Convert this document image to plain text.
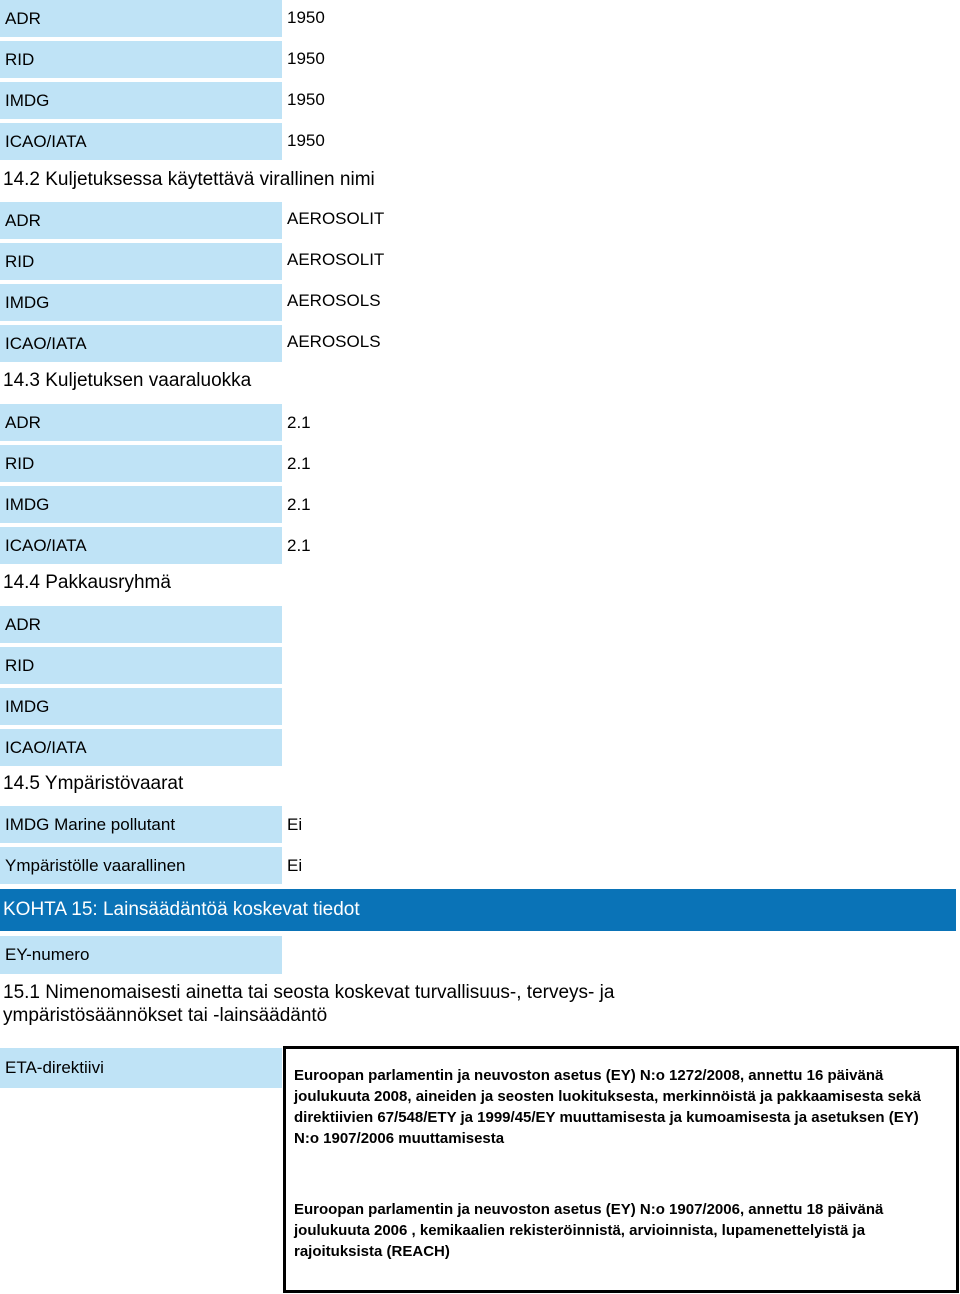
ADR	1950
RID	1950
IMDG	1950
ICAO/IATA	1950
14.2 Kuljetuksessa käytettävä virallinen nimi
ADR	AEROSOLIT
RID	AEROSOLIT
IMDG	AEROSOLS
ICAO/IATA	AEROSOLS
14.3 Kuljetuksen vaaraluokka
ADR	2.1
RID	2.1
IMDG	2.1
ICAO/IATA	2.1
14.4 Pakkausryhmä
ADR
RID
IMDG
ICAO/IATA
14.5 Ympäristövaarat
IMDG Marine pollutant	Ei
Ympäristölle vaarallinen	Ei
KOHTA 15: Lainsäädäntöä koskevat tiedot
EY-numero
15.1 Nimenomaisesti ainetta tai seosta koskevat turvallisuus-, terveys- ja
ympäristösäännökset tai -lainsäädäntö
ETA-direktiivi	Euroopan parlamentin ja neuvoston asetus (EY) N:o 1272/2008, annettu 16 päivänä joulukuuta 2008, aineiden ja seosten luokituksesta, merkinnöistä ja pakkaamisesta sekä direktiivien 67/548/ETY ja 1999/45/EY muuttamisesta ja kumoamisesta ja asetuksen (EY) N:o 1907/2006 muuttamisesta

Euroopan parlamentin ja neuvoston asetus (EY) N:o 1907/2006, annettu 18 päivänä joulukuuta 2006 , kemikaalien rekisteröinnistä, arvioinnista, lupamenettelyistä ja rajoituksista (REACH)
